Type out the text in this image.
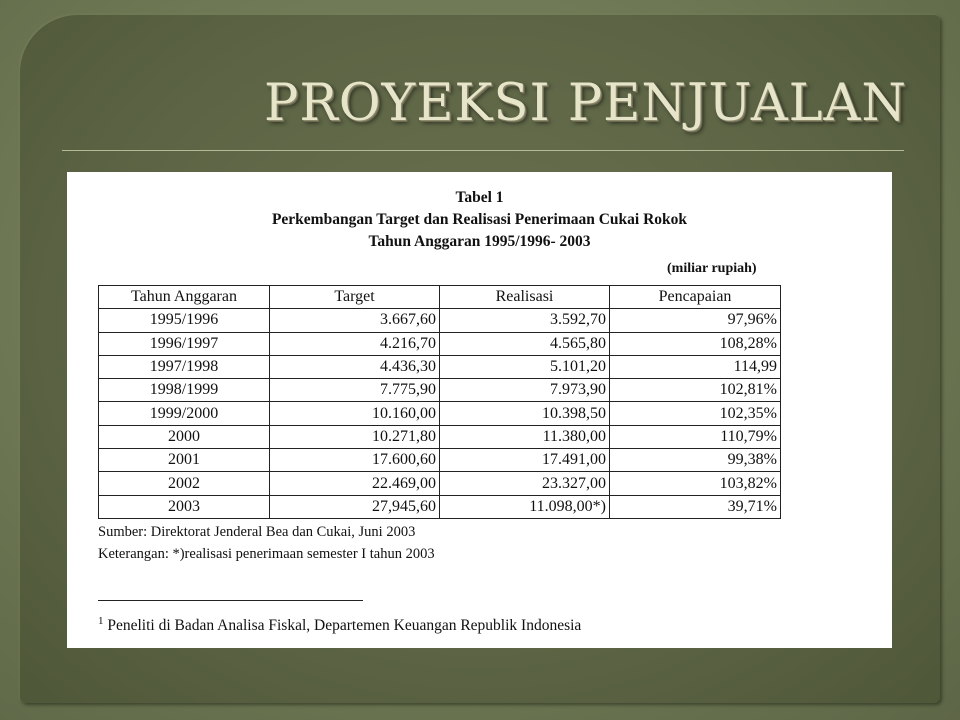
PROYEKSI PENJUALAN
Tabel 1
Perkembangan Target dan Realisasi Penerimaan Cukai Rokok
Tahun Anggaran 1995/1996- 2003
(miliar rupiah)
Tahun Anggaran	Target	Realisasi	Pencapaian
1995/1996	3.667,60	3.592,70	97,96%
1996/1997	4.216,70	4.565,80	108,28%
1997/1998	4.436,30	5.101,20	114,99
1998/1999	7.775,90	7.973,90	102,81%
1999/2000	10.160,00	10.398,50	102,35%
2000	10.271,80	11.380,00	110,79%
2001	17.600,60	17.491,00	99,38%
2002	22.469,00	23.327,00	103,82%
2003	27,945,60	11.098,00*)	39,71%
Sumber: Direktorat Jenderal Bea dan Cukai, Juni 2003
Keterangan: *)realisasi penerimaan semester I tahun 2003
$^1$ Peneliti di Badan Analisa Fiskal, Departemen Keuangan Republik Indonesia
